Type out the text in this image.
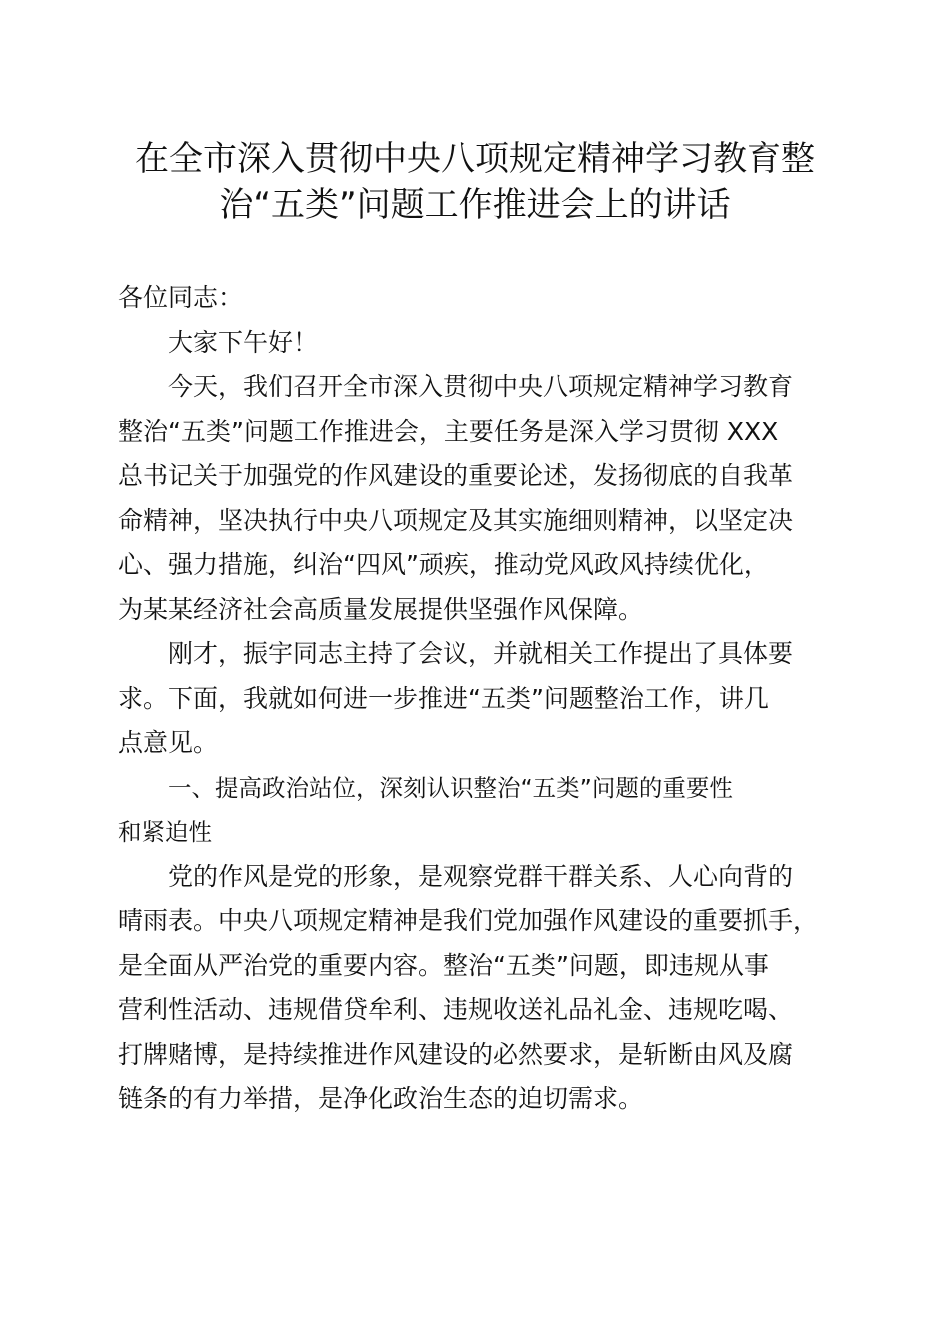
在全市深入贯彻中央八项规定精神学习教育整
治“五类”问题工作推进会上的讲话
各位同志：
大家下午好！
今天，我们召开全市深入贯彻中央八项规定精神学习教育
整治“五类”问题工作推进会，主要任务是深入学习贯彻 XXX
总书记关于加强党的作风建设的重要论述，发扬彻底的自我革
命精神，坚决执行中央八项规定及其实施细则精神，以坚定决
心、强力措施，纠治“四风”顽疾，推动党风政风持续优化，
为某某经济社会高质量发展提供坚强作风保障。
刚才，振宇同志主持了会议，并就相关工作提出了具体要
求。下面，我就如何进一步推进“五类”问题整治工作，讲几
点意见。
一、提高政治站位，深刻认识整治“五类”问题的重要性
和紧迫性
党的作风是党的形象，是观察党群干群关系、人心向背的
晴雨表。中央八项规定精神是我们党加强作风建设的重要抓手，
是全面从严治党的重要内容。整治“五类”问题，即违规从事
营利性活动、违规借贷牟利、违规收送礼品礼金、违规吃喝、
打牌赌博，是持续推进作风建设的必然要求，是斩断由风及腐
链条的有力举措，是净化政治生态的迫切需求。
